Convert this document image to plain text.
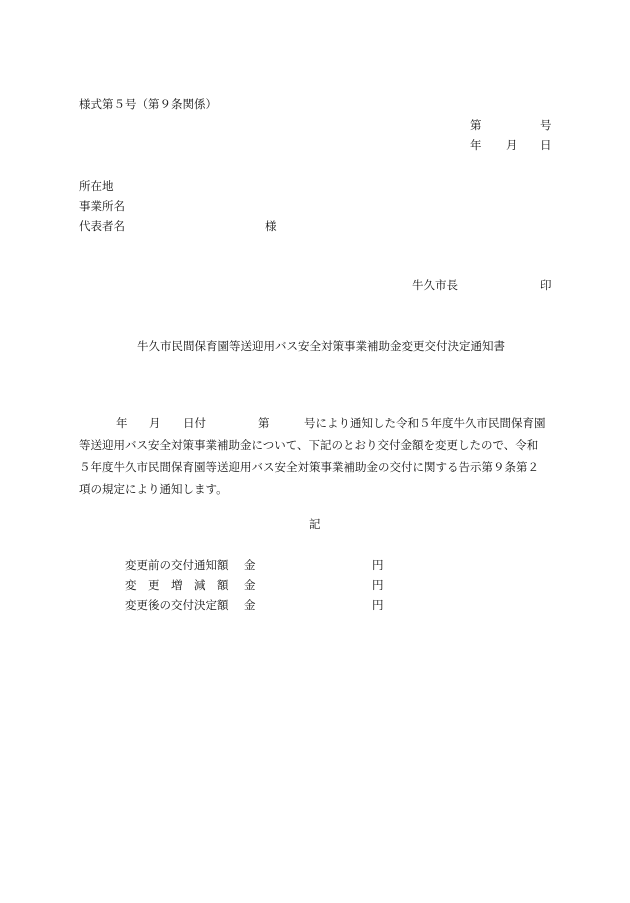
様式第５号（第９条関係）
第	号
年 月 日
所在地
事業所名
代表者名	様
牛久市長	印
牛久市民間保育園等送迎用バス安全対策事業補助金変更交付決定通知書
年 月 日付	第	号により通知した令和５年度牛久市民間保育園
等送迎用バス安全対策事業補助金について、下記のとおり交付金額を変更したので、令和
５年度牛久市民間保育園等送迎用バス安全対策事業補助金の交付に関する告示第９条第２
項の規定により通知します。
記
変更前の交付通知額 金	円
変　更　増　減　額 金	円
変更後の交付決定額 金	円
